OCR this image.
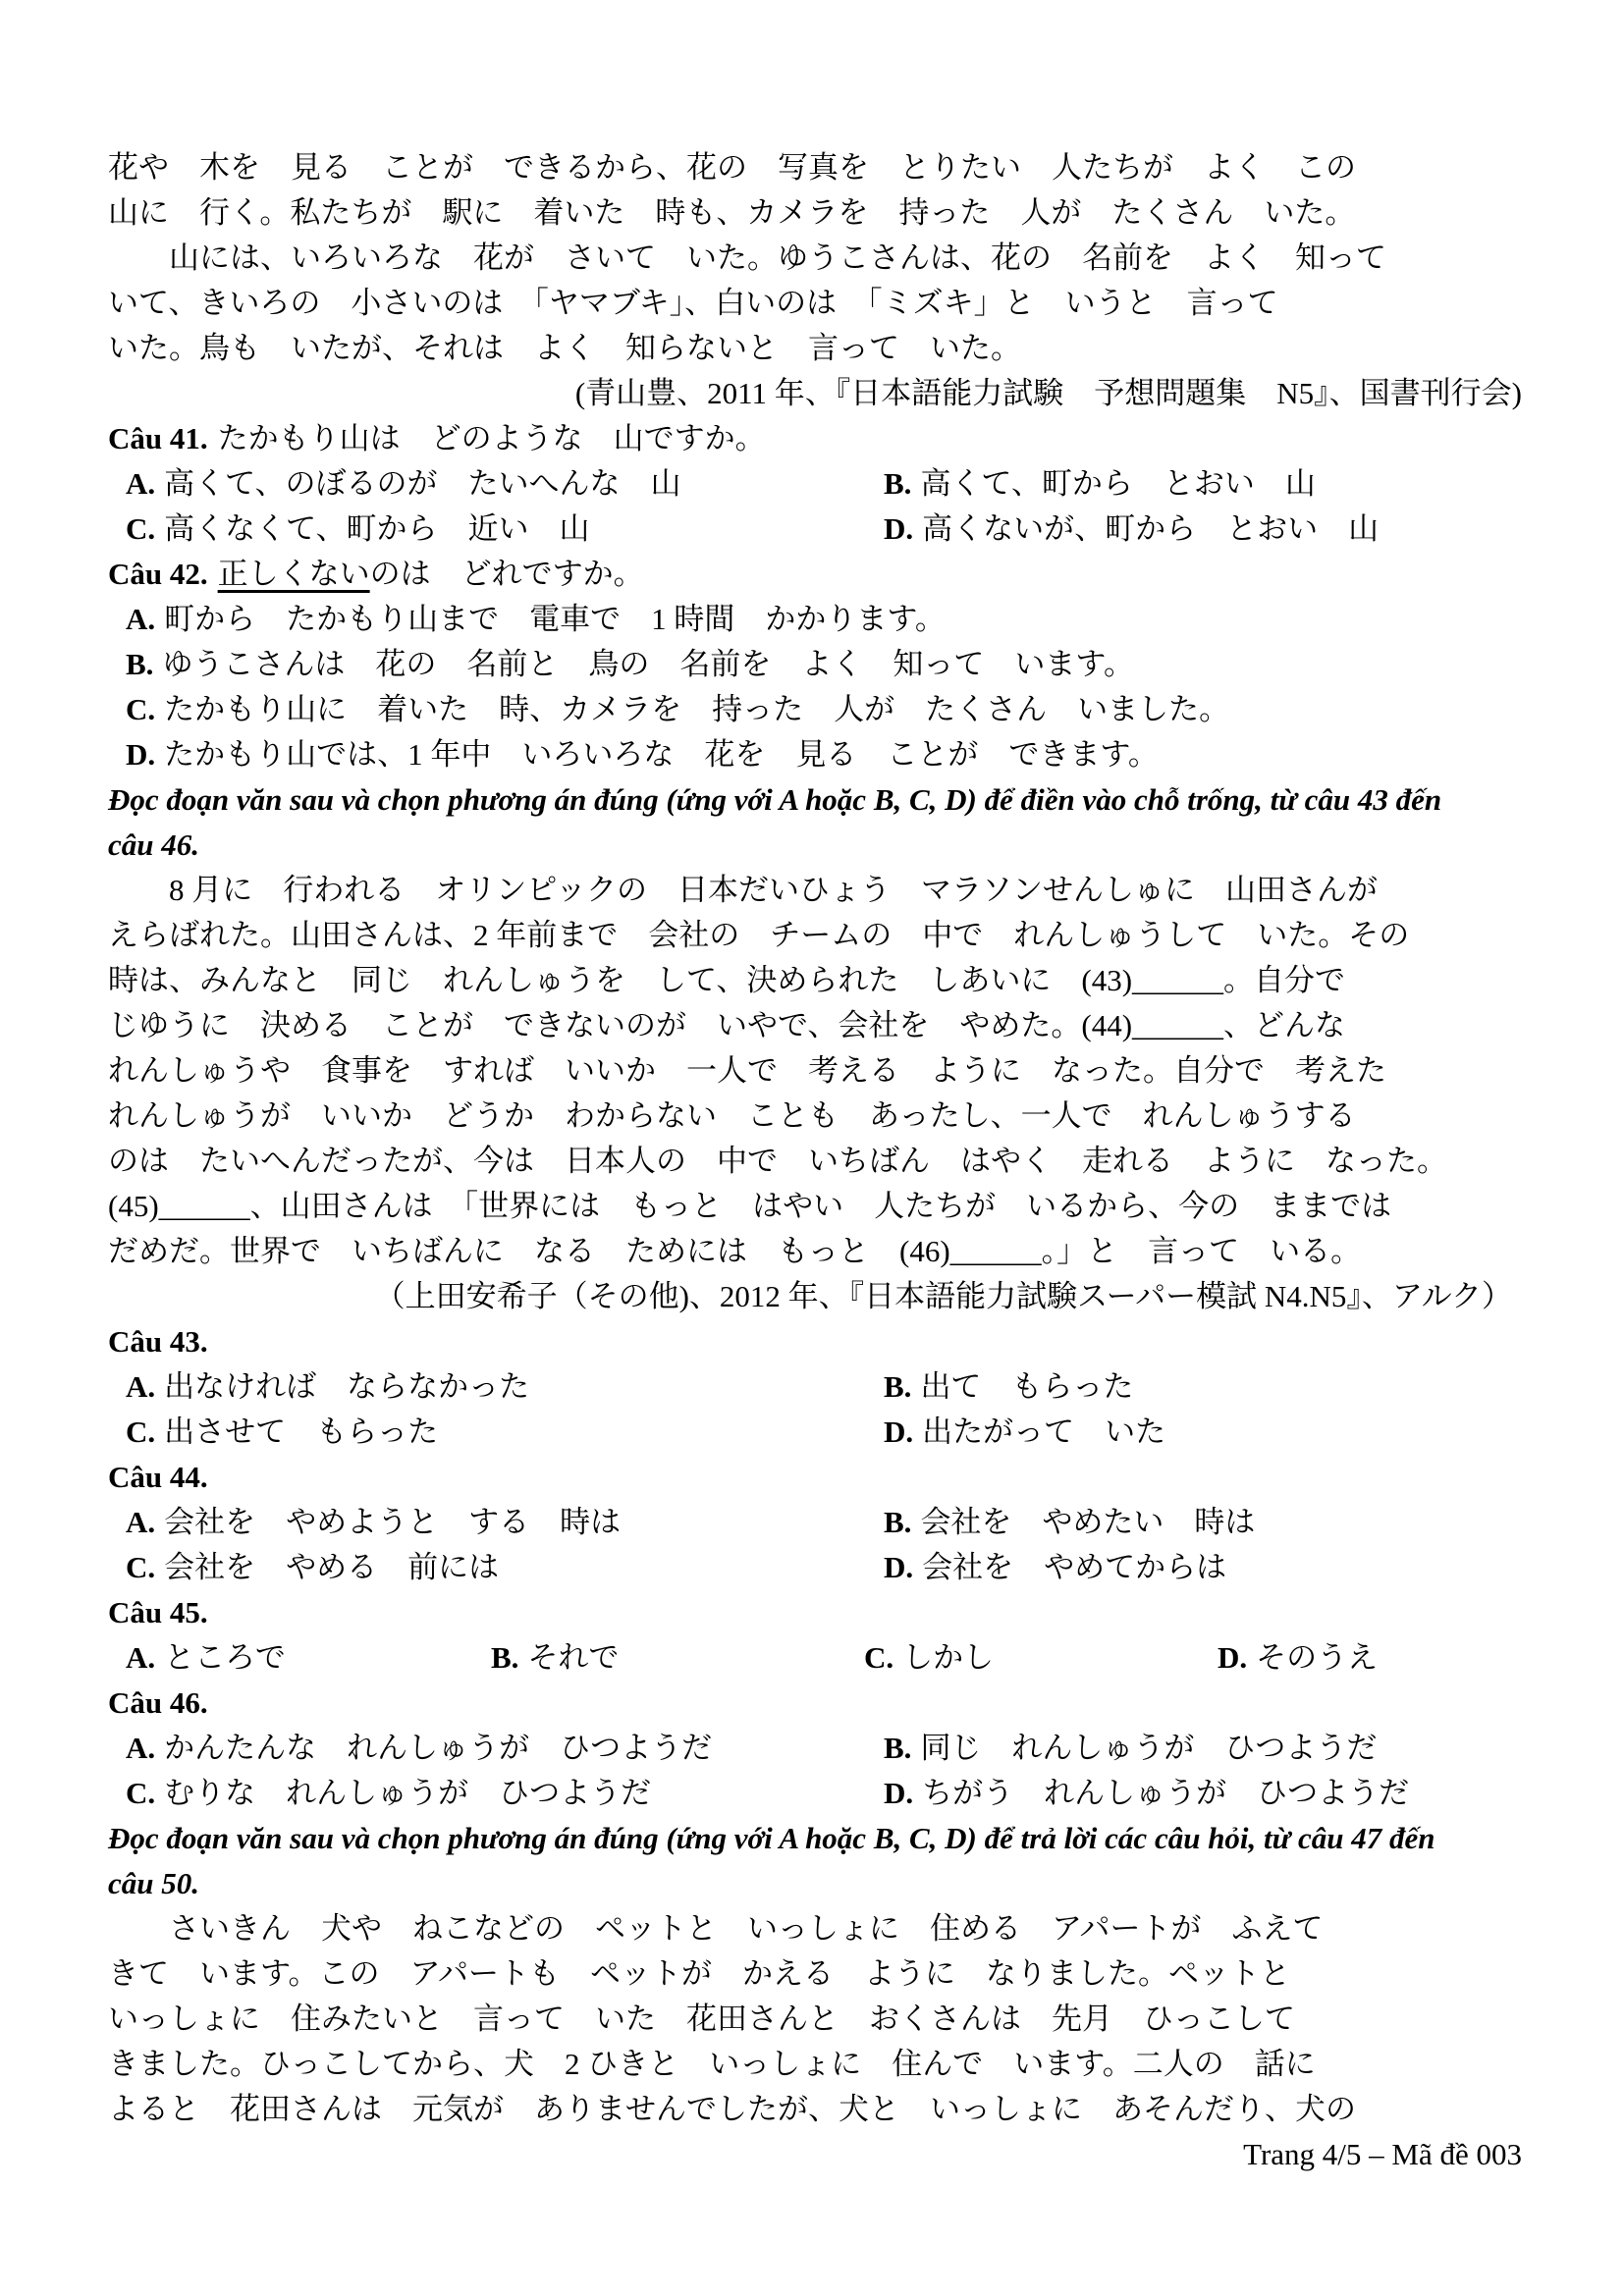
花や　木を　見る　ことが　できるから、花の　写真を　とりたい　人たちが　よく　この
山に　行く。私たちが　駅に　着いた　時も、カメラを　持った　人が　たくさん　いた。
　　山には、いろいろな　花が　さいて　いた。ゆうこさんは、花の　名前を　よく　知って
いて、きいろの　小さいのは　「ヤマブキ」、白いのは　「ミズキ」と　いうと　言って
いた。鳥も　いたが、それは　よく　知らないと　言って　いた。
(青山豊、2011 年、『日本語能力試験　予想問題集　N5』、国書刊行会)
Câu 41. たかもり山は　どのような　山ですか。
A. 高くて、のぼるのが　たいへんな　山	B. 高くて、町から　とおい　山
C. 高くなくて、町から　近い　山	D. 高くないが、町から　とおい　山
Câu 42. 正しくないのは　どれですか。
A. 町から　たかもり山まで　電車で　1 時間　かかります。
B. ゆうこさんは　花の　名前と　鳥の　名前を　よく　知って　います。
C. たかもり山に　着いた　時、カメラを　持った　人が　たくさん　いました。
D. たかもり山では、1 年中　いろいろな　花を　見る　ことが　できます。
Đọc đoạn văn sau và chọn phương án đúng (ứng với A hoặc B, C, D) để điền vào chỗ trống, từ câu 43 đến
câu 46.
　　8 月に　行われる　オリンピックの　日本だいひょう　マラソンせんしゅに　山田さんが
えらばれた。山田さんは、2 年前まで　会社の　チームの　中で　れんしゅうして　いた。その
時は、みんなと　同じ　れんしゅうを　して、決められた　しあいに　(43)______。自分で
じゆうに　決める　ことが　できないのが　いやで、会社を　やめた。(44)______、どんな
れんしゅうや　食事を　すれば　いいか　一人で　考える　ように　なった。自分で　考えた
れんしゅうが　いいか　どうか　わからない　ことも　あったし、一人で　れんしゅうする
のは　たいへんだったが、今は　日本人の　中で　いちばん　はやく　走れる　ように　なった。
(45)______、山田さんは　「世界には　もっと　はやい　人たちが　いるから、今の　ままでは
だめだ。世界で　いちばんに　なる　ためには　もっと　(46)______。」と　言って　いる。
（上田安希子（その他)、2012 年、『日本語能力試験スーパー模試 N4.N5』、アルク）
Câu 43.
A. 出なければ　ならなかった	B. 出て　もらった
C. 出させて　もらった	D. 出たがって　いた
Câu 44.
A. 会社を　やめようと　する　時は	B. 会社を　やめたい　時は
C. 会社を　やめる　前には	D. 会社を　やめてからは
Câu 45.
A. ところで	B. それで	C. しかし	D. そのうえ
Câu 46.
A. かんたんな　れんしゅうが　ひつようだ	B. 同じ　れんしゅうが　ひつようだ
C. むりな　れんしゅうが　ひつようだ	D. ちがう　れんしゅうが　ひつようだ
Đọc đoạn văn sau và chọn phương án đúng (ứng với A hoặc B, C, D) để trả lời các câu hỏi, từ câu 47 đến
câu 50.
　　さいきん　犬や　ねこなどの　ペットと　いっしょに　住める　アパートが　ふえて
きて　います。この　アパートも　ペットが　かえる　ように　なりました。ペットと
いっしょに　住みたいと　言って　いた　花田さんと　おくさんは　先月　ひっこして
きました。ひっこしてから、犬　2 ひきと　いっしょに　住んで　います。二人の　話に
よると　花田さんは　元気が　ありませんでしたが、犬と　いっしょに　あそんだり、犬の
Trang 4/5 – Mã đề 003
